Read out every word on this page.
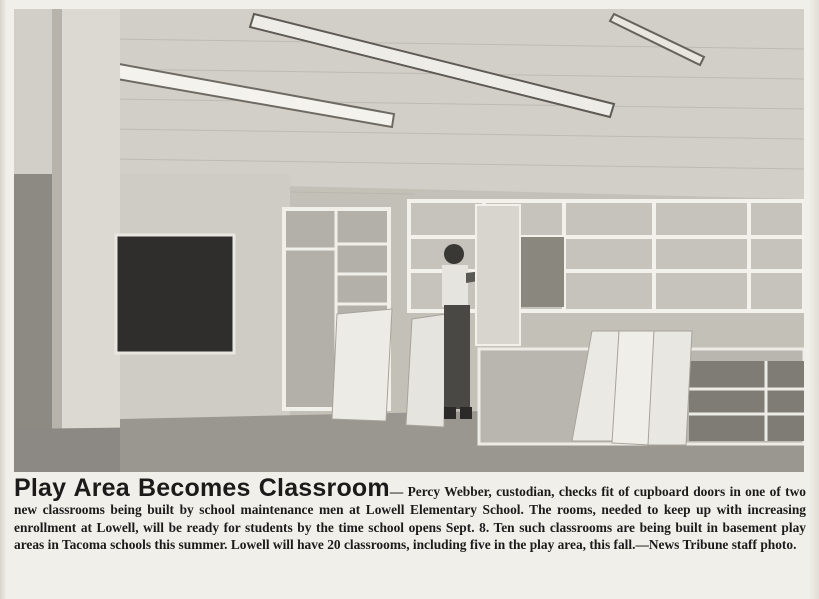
Play Area Becomes Classroom— Percy Webber, custodian, checks fit of cupboard doors in one of two new classrooms being built by school maintenance men at Lowell Elementary School. The rooms, needed to keep up with increasing enrollment at Lowell, will be ready for students by the time school opens Sept. 8. Ten such classrooms are being built in basement play areas in Tacoma schools this summer. Lowell will have 20 classrooms, including five in the play area, this fall.—News Tribune staff photo.
